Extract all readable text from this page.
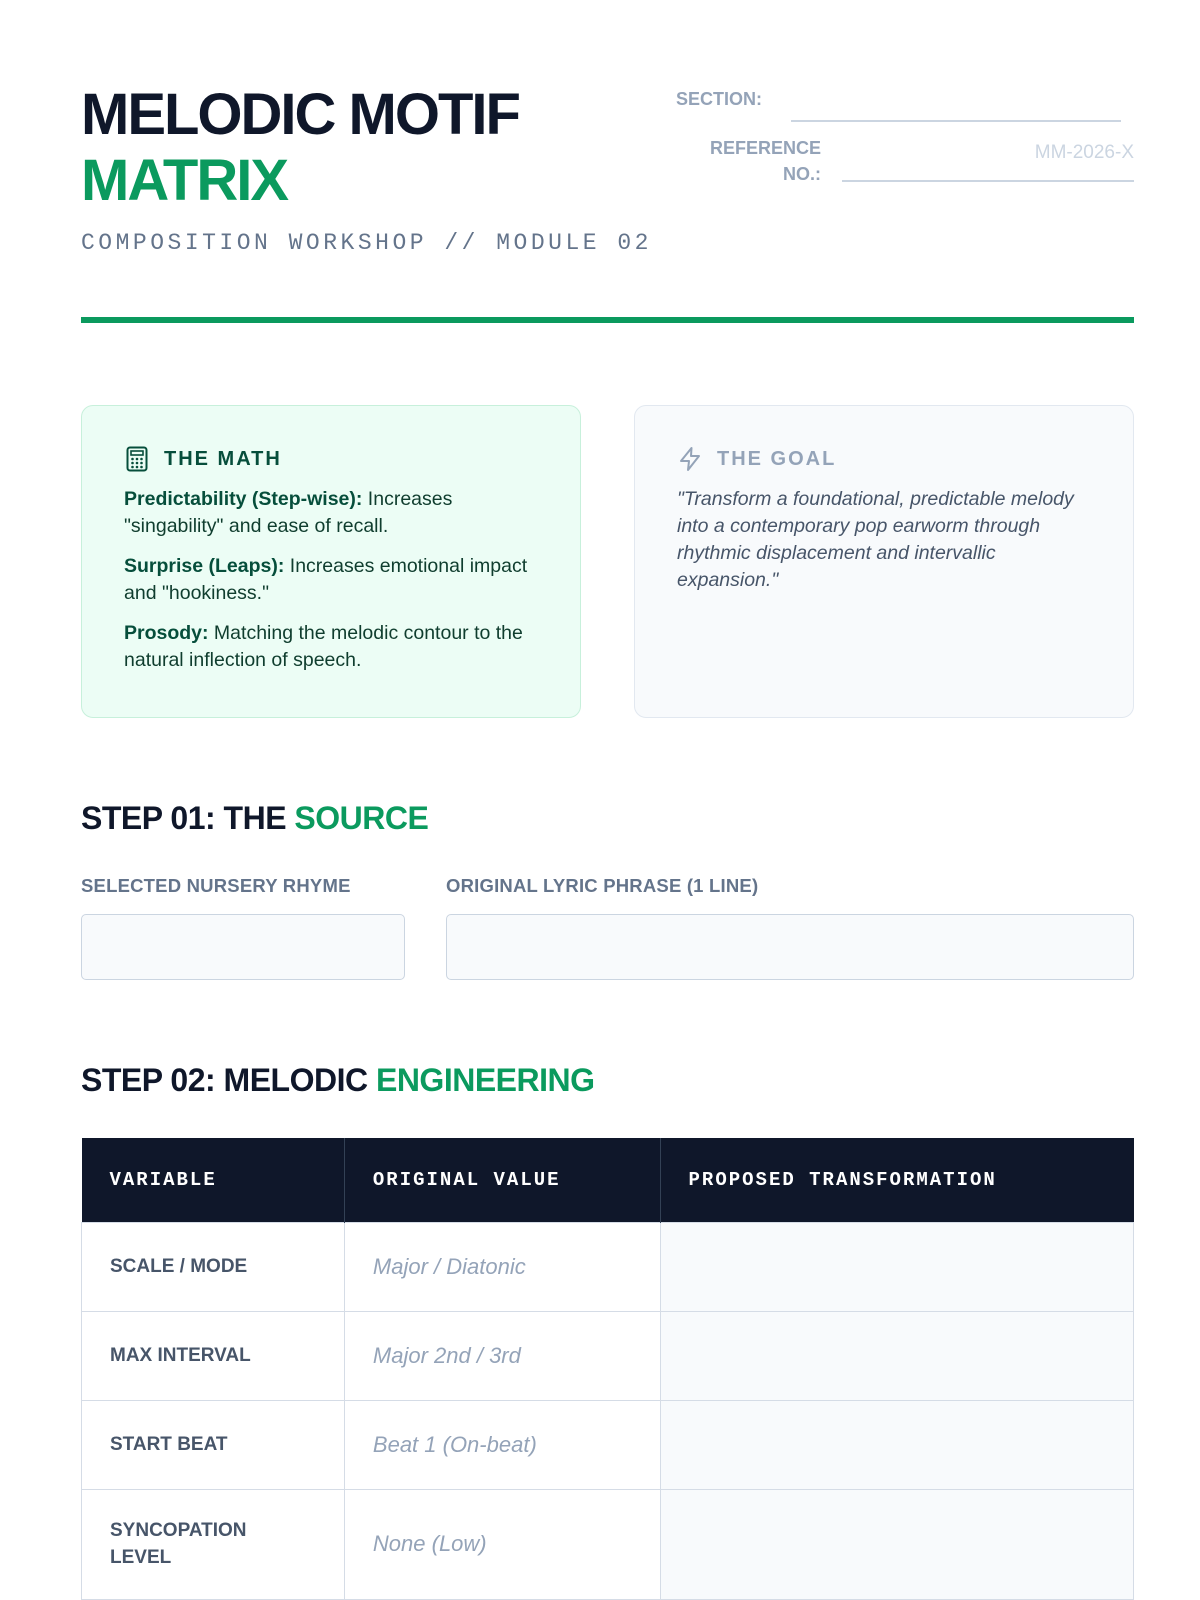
MELODIC MOTIF
MATRIX
COMPOSITION WORKSHOP // MODULE 02
SECTION:
REFERENCE
NO.:
MM-2026-X
THE MATH

Predictability (Step-wise): Increases "singability" and ease of recall.

Surprise (Leaps): Increases emotional impact and "hookiness."

Prosody: Matching the melodic contour to the natural inflection of speech.

THE GOAL

"Transform a foundational, predictable melody into a contemporary pop earworm through rhythmic displacement and intervallic expansion."

STEP 01: THE SOURCE
SELECTED NURSERY RHYME	ORIGINAL LYRIC PHRASE (1 LINE)
STEP 02: MELODIC ENGINEERING
VARIABLE	ORIGINAL VALUE	PROPOSED TRANSFORMATION
SCALE / MODE	Major / Diatonic	
MAX INTERVAL	Major 2nd / 3rd	
START BEAT	Beat 1 (On-beat)	
SYNCOPATION LEVEL	None (Low)	
